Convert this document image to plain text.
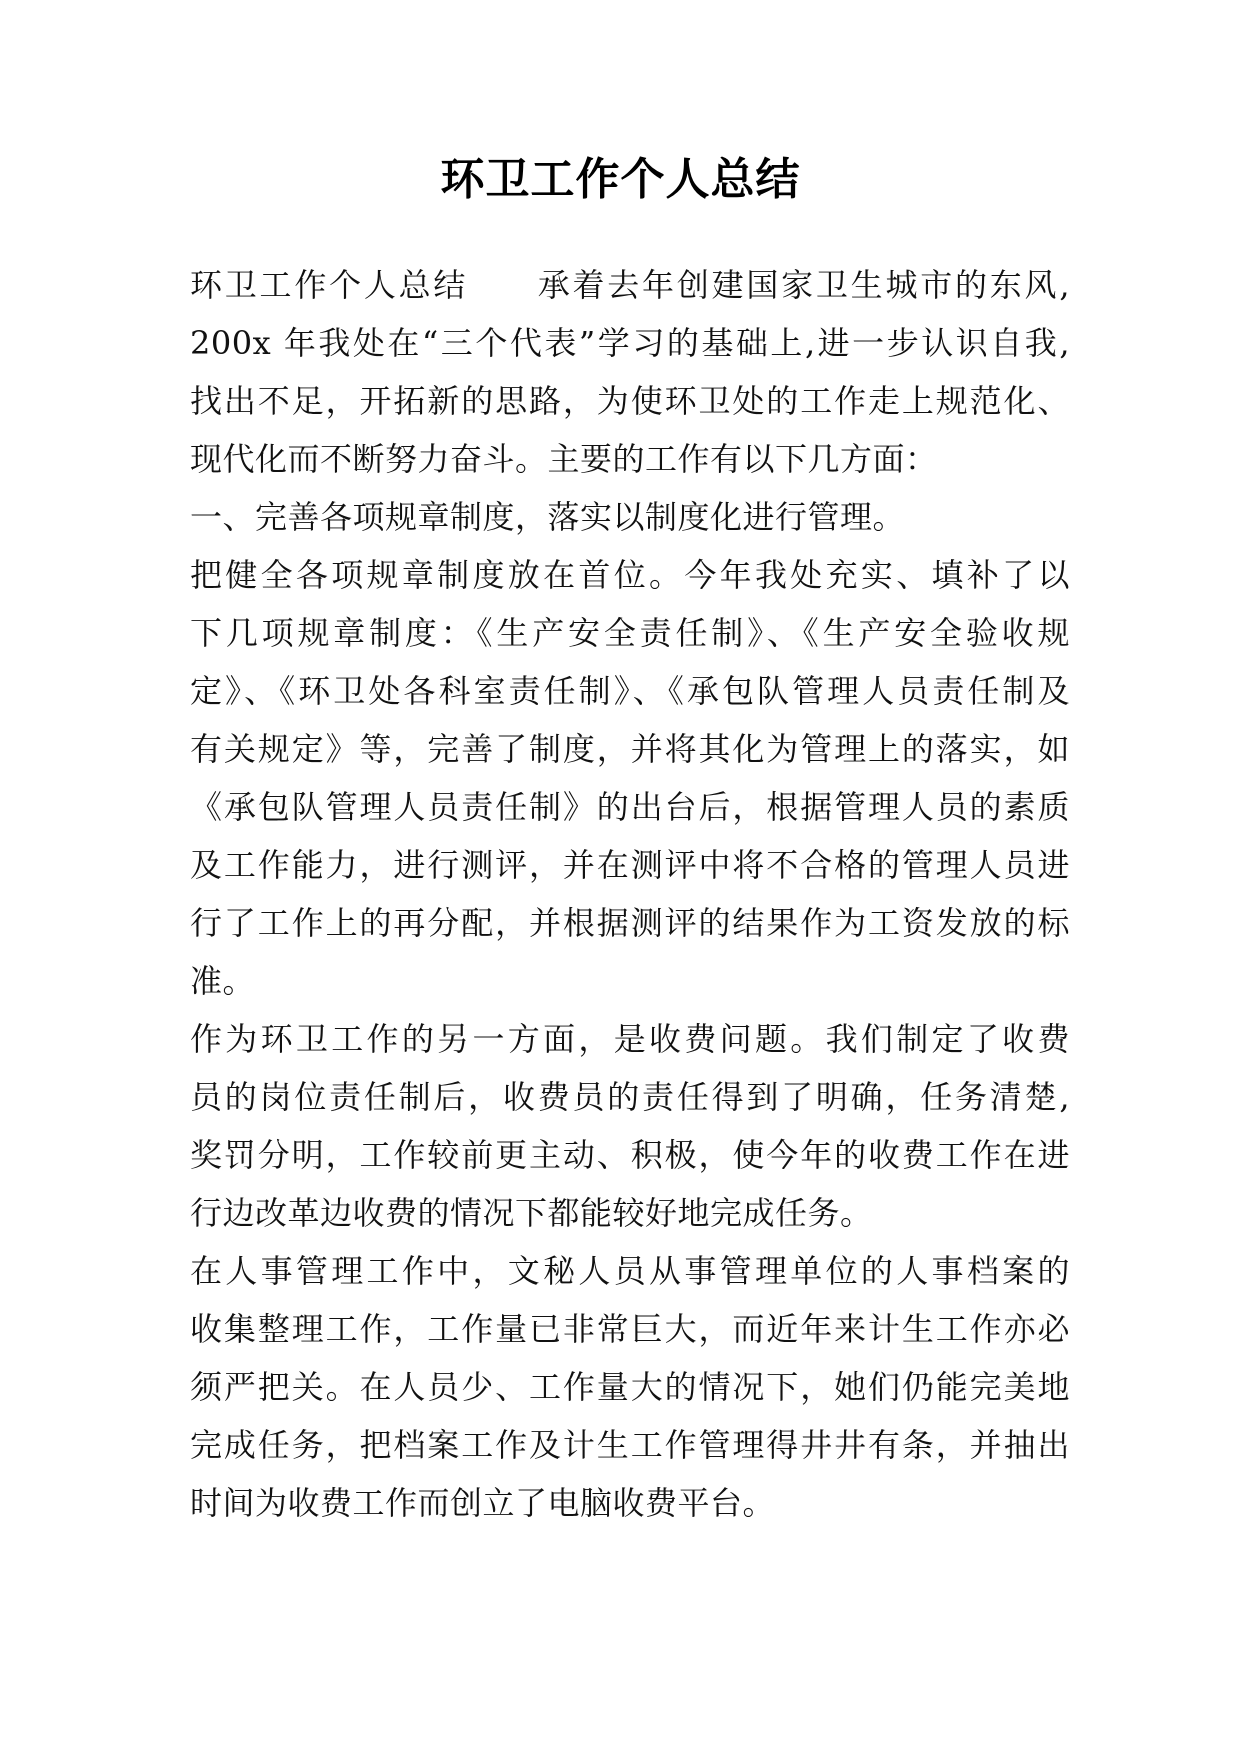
环卫工作个人总结
环卫工作个人总结　　承着去年创建国家卫生城市的东风,
200x 年我处在“三个代表”学习的基础上,进一步认识自我,
找出不足，开拓新的思路，为使环卫处的工作走上规范化、
现代化而不断努力奋斗。主要的工作有以下几方面：
一、完善各项规章制度，落实以制度化进行管理。
把健全各项规章制度放在首位。今年我处充实、填补了以
下几项规章制度：《生产安全责任制》、《生产安全验收规
定》、《环卫处各科室责任制》、《承包队管理人员责任制及
有关规定》等，完善了制度，并将其化为管理上的落实，如
《承包队管理人员责任制》的出台后，根据管理人员的素质
及工作能力，进行测评，并在测评中将不合格的管理人员进
行了工作上的再分配，并根据测评的结果作为工资发放的标
准。
作为环卫工作的另一方面，是收费问题。我们制定了收费
员的岗位责任制后，收费员的责任得到了明确，任务清楚,
奖罚分明，工作较前更主动、积极，使今年的收费工作在进
行边改革边收费的情况下都能较好地完成任务。
在人事管理工作中，文秘人员从事管理单位的人事档案的
收集整理工作，工作量已非常巨大，而近年来计生工作亦必
须严把关。在人员少、工作量大的情况下，她们仍能完美地
完成任务，把档案工作及计生工作管理得井井有条，并抽出
时间为收费工作而创立了电脑收费平台。
